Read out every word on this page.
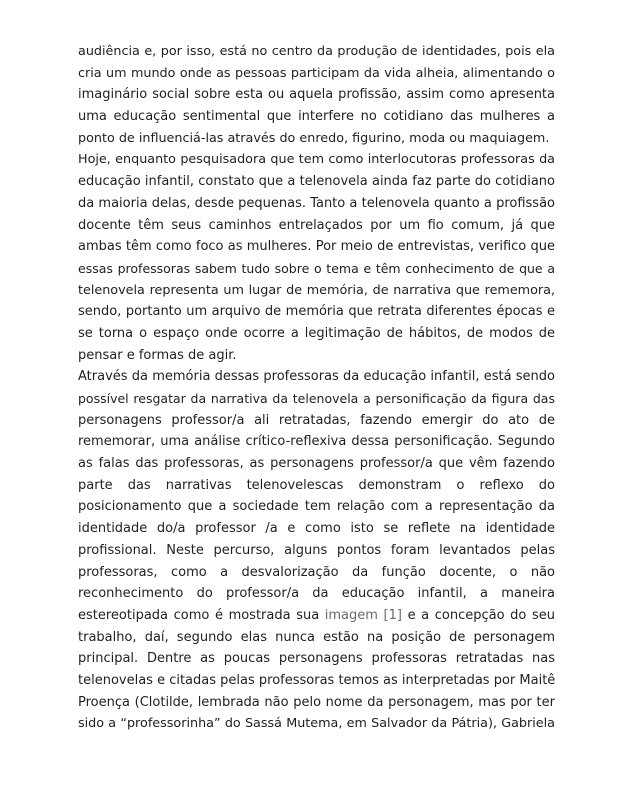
audiência e, por isso, está no centro da produção de identidades, pois ela
cria um mundo onde as pessoas participam da vida alheia, alimentando o
imaginário social sobre esta ou aquela profissão, assim como apresenta
uma educação sentimental que interfere no cotidiano das mulheres a
ponto de influenciá-las através do enredo, figurino, moda ou maquiagem.
Hoje, enquanto pesquisadora que tem como interlocutoras professoras da
educação infantil, constato que a telenovela ainda faz parte do cotidiano
da maioria delas, desde pequenas. Tanto a telenovela quanto a profissão
docente têm seus caminhos entrelaçados por um fio comum, já que
ambas têm como foco as mulheres. Por meio de entrevistas, verifico que
essas professoras sabem tudo sobre o tema e têm conhecimento de que a
telenovela representa um lugar de memória, de narrativa que rememora,
sendo, portanto um arquivo de memória que retrata diferentes épocas e
se torna o espaço onde ocorre a legitimação de hábitos, de modos de
pensar e formas de agir.
Através da memória dessas professoras da educação infantil, está sendo
possível resgatar da narrativa da telenovela a personificação da figura das
personagens professor/a ali retratadas, fazendo emergir do ato de
rememorar, uma análise crítico-reflexiva dessa personificação. Segundo
as falas das professoras, as personagens professor/a que vêm fazendo
parte das narrativas telenovelescas demonstram o reflexo do
posicionamento que a sociedade tem relação com a representação da
identidade do/a professor /a e como isto se reflete na identidade
profissional. Neste percurso, alguns pontos foram levantados pelas
professoras, como a desvalorização da função docente, o não
reconhecimento do professor/a da educação infantil, a maneira
estereotipada como é mostrada sua imagem [1] e a concepção do seu
trabalho, daí, segundo elas nunca estão na posição de personagem
principal. Dentre as poucas personagens professoras retratadas nas
telenovelas e citadas pelas professoras temos as interpretadas por Maitê
Proença (Clotilde, lembrada não pelo nome da personagem, mas por ter
sido a “professorinha” do Sassá Mutema, em Salvador da Pátria), Gabriela
